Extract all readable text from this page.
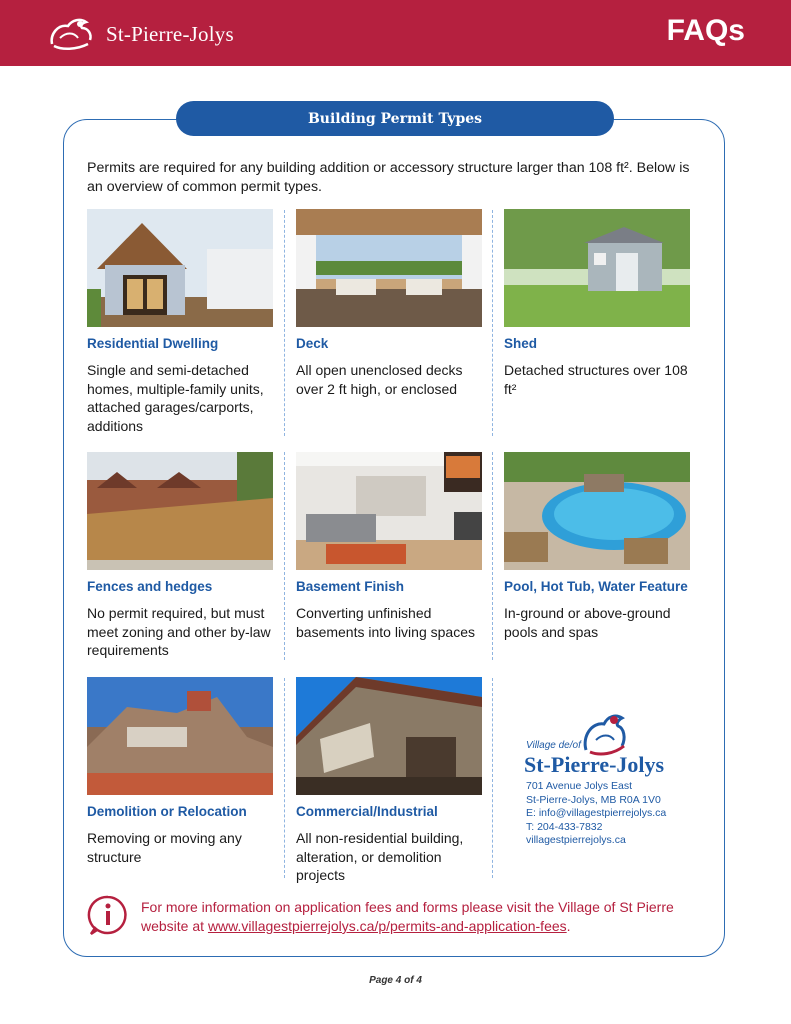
St-Pierre-Jolys	FAQs
Building Permit Types
Permits are required for any building addition or accessory structure larger than 108 ft². Below is an overview of common permit types.
Residential Dwelling
Single and semi-detached homes, multiple-family units, attached garages/carports, additions
Deck
All open unenclosed decks over 2 ft high, or enclosed
Shed
Detached structures over 108 ft²
Fences and hedges
No permit required, but must meet zoning and other by-law requirements
Basement Finish
Converting unfinished basements into living spaces
Pool, Hot Tub, Water Feature
In-ground or above-ground pools and spas
Demolition or Relocation
Removing or moving any structure
Commercial/Industrial
All non-residential building, alteration, or demolition projects
Village de/of
St-Pierre-Jolys
701 Avenue Jolys East
St-Pierre-Jolys, MB R0A 1V0
E: info@villagestpierrejolys.ca
T: 204-433-7832
villagestpierrejolys.ca
For more information on application fees and forms please visit the Village of St Pierre website at www.villagestpierrejolys.ca/p/permits-and-application-fees.
Page 4 of 4
